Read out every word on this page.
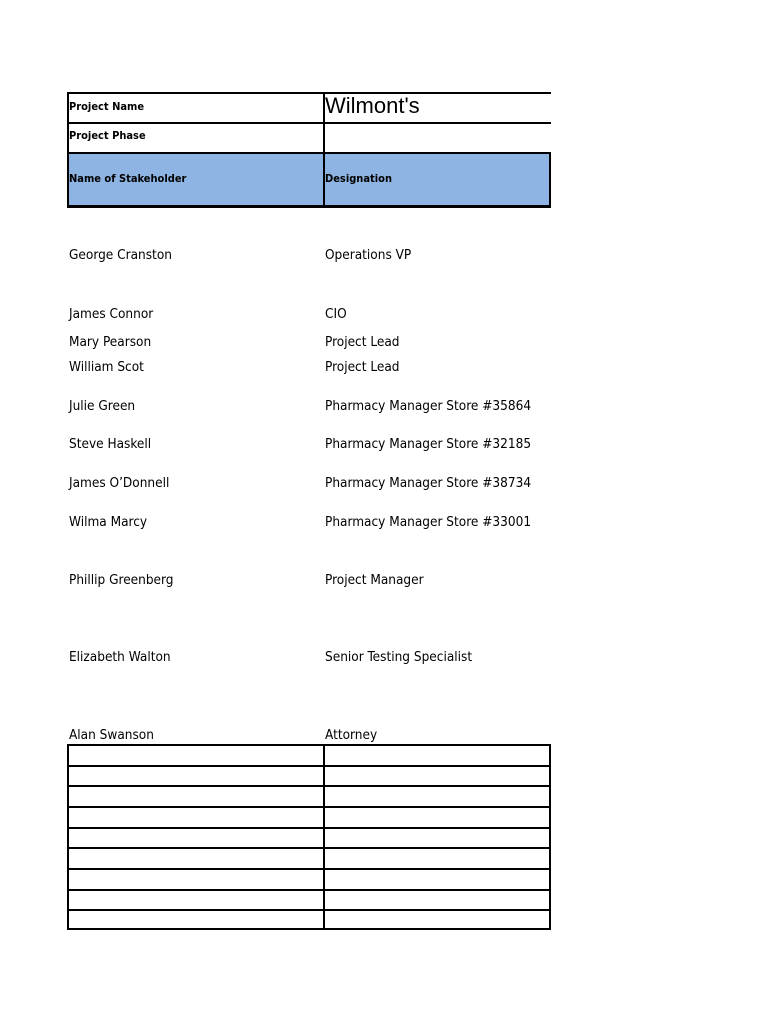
Project Name	Wilmont's
Project Phase
Name of Stakeholder	Designation
George Cranston	Operations VP
James Connor	CIO
Mary Pearson	Project Lead
William Scot	Project Lead
Julie Green	Pharmacy Manager Store #35864
Steve Haskell	Pharmacy Manager Store #32185
James O’Donnell	Pharmacy Manager Store #38734
Wilma Marcy	Pharmacy Manager Store #33001
Phillip Greenberg	Project Manager
Elizabeth Walton	Senior Testing Specialist
Alan Swanson	Attorney
